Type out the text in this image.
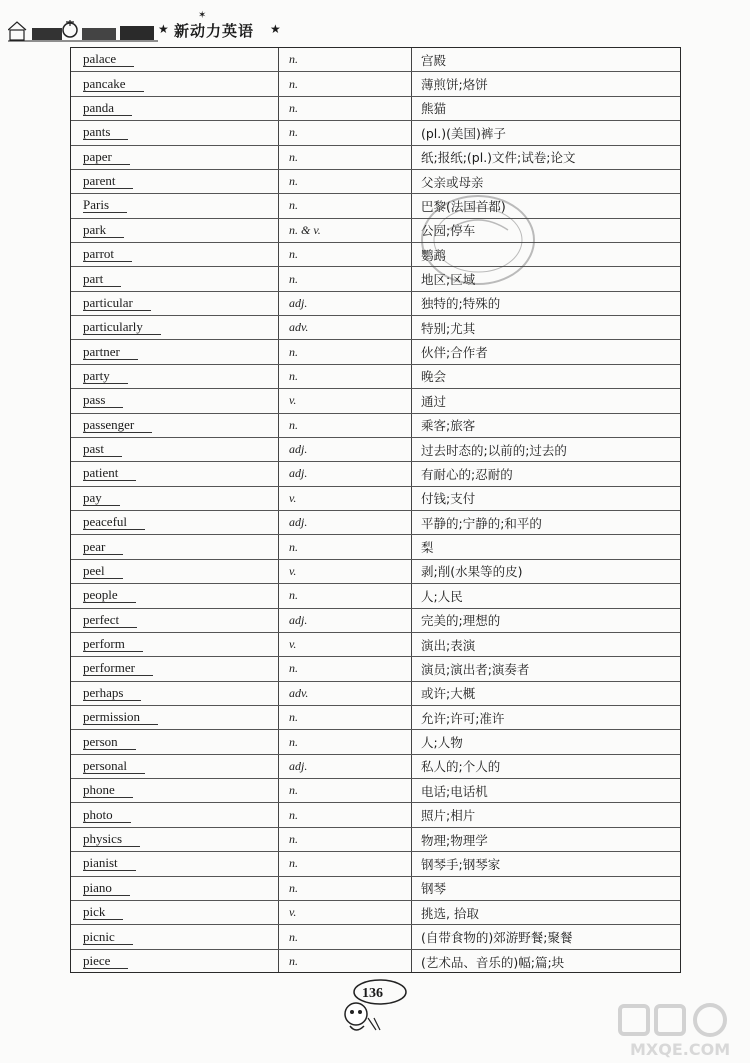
★
✶
新动力英语 ★
palace	n.	宫殿
pancake	n.	薄煎饼;烙饼
panda	n.	熊猫
pants	n.	(pl.)(美国)裤子
paper	n.	纸;报纸;(pl.)文件;试卷;论文
parent	n.	父亲或母亲
Paris	n.	巴黎(法国首都)
park	n. & v.	公园;停车
parrot	n.	鹦鹉
part	n.	地区;区域
particular	adj.	独特的;特殊的
particularly	adv.	特别;尤其
partner	n.	伙伴;合作者
party	n.	晚会
pass	v.	通过
passenger	n.	乘客;旅客
past	adj.	过去时态的;以前的;过去的
patient	adj.	有耐心的;忍耐的
pay	v.	付钱;支付
peaceful	adj.	平静的;宁静的;和平的
pear	n.	梨
peel	v.	剥;削(水果等的皮)
people	n.	人;人民
perfect	adj.	完美的;理想的
perform	v.	演出;表演
performer	n.	演员;演出者;演奏者
perhaps	adv.	或许;大概
permission	n.	允许;许可;准许
person	n.	人;人物
personal	adj.	私人的;个人的
phone	n.	电话;电话机
photo	n.	照片;相片
physics	n.	物理;物理学
pianist	n.	钢琴手;钢琴家
piano	n.	钢琴
pick	v.	挑选, 拾取
picnic	n.	(自带食物的)郊游野餐;聚餐
piece	n.	(艺术品、音乐的)幅;篇;块
136
MXQE.COM
